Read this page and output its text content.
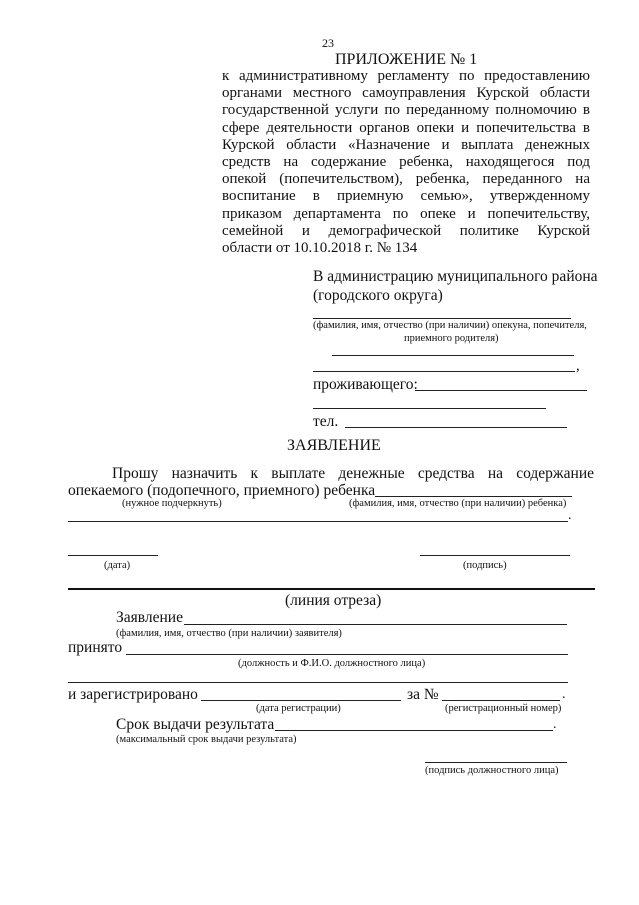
23
ПРИЛОЖЕНИЕ № 1
к административному регламенту по предоставлению
органами местного самоуправления Курской области
государственной услуги по переданному полномочию в
сфере деятельности органов опеки и попечительства в
Курской области «Назначение и выплата денежных
средств на содержание ребенка, находящегося под
опекой (попечительством), ребенка, переданного на
воспитание в приемную семью», утвержденному
приказом департамента по опеке и попечительству,
семейной и демографической политике Курской
области от 10.10.2018 г. № 134
В администрацию муниципального района
(городского округа)
(фамилия, имя, отчество (при наличии) опекуна, попечителя,
приемного родителя)
,
проживающего:
тел.
ЗАЯВЛЕНИЕ
Прошу назначить к выплате денежные средства на содержание
опекаемого (подопечного, приемного) ребенка
(нужное подчеркнуть)	(фамилия, имя, отчество (при наличии) ребенка)
.
(дата)	(подпись)
(линия отреза)
Заявление
(фамилия, имя, отчество (при наличии) заявителя)
принято
(должность и Ф.И.О. должностного лица)
и зарегистрировано	за №	.
(дата регистрации)	(регистрационный номер)
Срок выдачи результата	.
(максимальный срок выдачи результата)
(подпись должностного лица)
